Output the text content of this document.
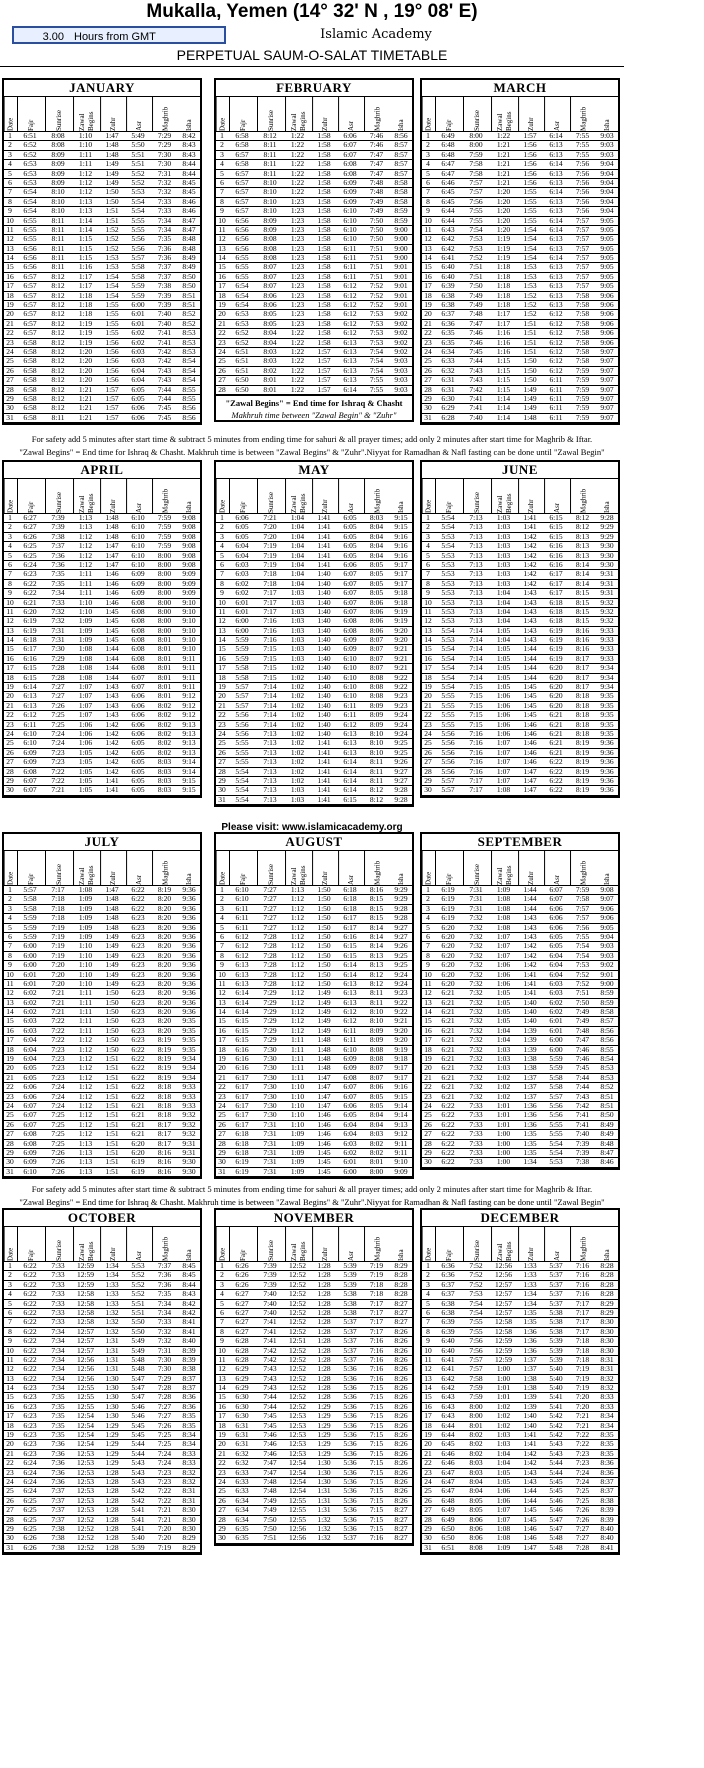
Mukalla, Yemen (14° 32' N , 19° 08' E)
3.00 Hours from GMT	Islamic Academy
PERPETUAL SAUM-O-SALAT TIMETABLE
JANUARY
Date	Fajr	Sunrise	Zawal Begins	Zuhr	Asr	Maghrib	Isha
1	6:51	8:08	1:10	1:47	5:49	7:29	8:42
2	6:52	8:08	1:10	1:48	5:50	7:29	8:43
3	6:52	8:09	1:11	1:48	5:51	7:30	8:43
4	6:53	8:09	1:11	1:49	5:51	7:30	8:44
5	6:53	8:09	1:12	1:49	5:52	7:31	8:44
6	6:53	8:09	1:12	1:49	5:52	7:32	8:45
7	6:54	8:10	1:12	1:50	5:53	7:32	8:45
8	6:54	8:10	1:13	1:50	5:54	7:33	8:46
9	6:54	8:10	1:13	1:51	5:54	7:33	8:46
10	6:55	8:11	1:14	1:51	5:55	7:34	8:47
11	6:55	8:11	1:14	1:52	5:55	7:34	8:47
12	6:55	8:11	1:15	1:52	5:56	7:35	8:48
13	6:56	8:11	1:15	1:52	5:56	7:36	8:48
14	6:56	8:11	1:15	1:53	5:57	7:36	8:49
15	6:56	8:11	1:16	1:53	5:58	7:37	8:49
16	6:57	8:12	1:17	1:54	5:58	7:37	8:50
17	6:57	8:12	1:17	1:54	5:59	7:38	8:50
18	6:57	8:12	1:18	1:54	5:59	7:39	8:51
19	6:57	8:12	1:18	1:55	6:00	7:39	8:51
20	6:57	8:12	1:18	1:55	6:01	7:40	8:52
21	6:57	8:12	1:19	1:55	6:01	7:40	8:52
22	6:57	8:12	1:19	1:55	6:02	7:41	8:53
23	6:58	8:12	1:19	1:56	6:02	7:41	8:53
24	6:58	8:12	1:20	1:56	6:03	7:42	8:53
25	6:58	8:12	1:20	1:56	6:03	7:42	8:54
26	6:58	8:12	1:20	1:56	6:04	7:43	8:54
27	6:58	8:12	1:20	1:56	6:04	7:43	8:54
28	6:58	8:12	1:21	1:57	6:05	7:44	8:55
29	6:58	8:12	1:21	1:57	6:05	7:44	8:55
30	6:58	8:12	1:21	1:57	6:06	7:45	8:56
31	6:58	8:11	1:21	1:57	6:06	7:45	8:56
FEBRUARY
Date	Fajr	Sunrise	Zawal Begins	Zuhr	Asr	Maghrib	Isha
1	6:58	8:12	1:22	1:58	6:06	7:46	8:56
2	6:58	8:11	1:22	1:58	6:07	7:46	8:57
3	6:57	8:11	1:22	1:58	6:07	7:47	8:57
4	6:58	8:11	1:22	1:58	6:08	7:47	8:57
5	6:57	8:11	1:22	1:58	6:08	7:47	8:57
6	6:57	8:10	1:22	1:58	6:09	7:48	8:58
7	6:57	8:10	1:22	1:58	6:09	7:48	8:58
8	6:57	8:10	1:23	1:58	6:09	7:49	8:58
9	6:57	8:10	1:23	1:58	6:10	7:49	8:59
10	6:56	8:09	1:23	1:58	6:10	7:50	8:59
11	6:56	8:09	1:23	1:58	6:10	7:50	9:00
12	6:56	8:08	1:23	1:58	6:10	7:50	9:00
13	6:56	8:08	1:23	1:58	6:11	7:51	9:00
14	6:55	8:08	1:23	1:58	6:11	7:51	9:00
15	6:55	8:07	1:23	1:58	6:11	7:51	9:01
16	6:55	8:07	1:23	1:58	6:11	7:51	9:01
17	6:54	8:07	1:23	1:58	6:12	7:52	9:01
18	6:54	8:06	1:23	1:58	6:12	7:52	9:01
19	6:54	8:06	1:23	1:58	6:12	7:52	9:01
20	6:53	8:05	1:23	1:58	6:12	7:53	9:02
21	6:53	8:05	1:23	1:58	6:12	7:53	9:02
22	6:52	8:04	1:22	1:58	6:12	7:53	9:02
23	6:52	8:04	1:22	1:58	6:13	7:53	9:02
24	6:51	8:03	1:22	1:57	6:13	7:54	9:02
25	6:51	8:03	1:22	1:57	6:13	7:54	9:03
26	6:51	8:02	1:22	1:57	6:13	7:54	9:03
27	6:50	8:01	1:22	1:57	6:13	7:55	9:03
28	6:50	8:01	1:22	1:57	6:14	7:55	9:03
"Zawal Begins" = End time for Ishraq & Chasht
Makhruh time between "Zawal Begin" & "Zuhr"
MARCH
Date	Fajr	Sunrise	Zawal Begins	Zuhr	Asr	Maghrib	Isha
1	6:49	8:00	1:22	1:57	6:14	7:55	9:03
2	6:48	8:00	1:21	1:56	6:13	7:55	9:03
3	6:48	7:59	1:21	1:56	6:13	7:55	9:03
4	6:47	7:58	1:21	1:56	6:14	7:56	9:04
5	6:47	7:58	1:21	1:56	6:13	7:56	9:04
6	6:46	7:57	1:21	1:56	6:13	7:56	9:04
7	6:45	7:57	1:20	1:55	6:14	7:56	9:04
8	6:45	7:56	1:20	1:55	6:13	7:56	9:04
9	6:44	7:55	1:20	1:55	6:13	7:56	9:04
10	6:44	7:55	1:20	1:55	6:14	7:57	9:05
11	6:43	7:54	1:20	1:54	6:14	7:57	9:05
12	6:42	7:53	1:19	1:54	6:13	7:57	9:05
13	6:42	7:53	1:19	1:54	6:13	7:57	9:05
14	6:41	7:52	1:19	1:54	6:14	7:57	9:05
15	6:40	7:51	1:18	1:53	6:13	7:57	9:05
16	6:40	7:51	1:18	1:53	6:13	7:57	9:05
17	6:39	7:50	1:18	1:53	6:13	7:57	9:05
18	6:38	7:49	1:18	1:52	6:13	7:58	9:06
19	6:38	7:49	1:18	1:52	6:13	7:58	9:06
20	6:37	7:48	1:17	1:52	6:12	7:58	9:06
21	6:36	7:47	1:17	1:51	6:12	7:58	9:06
22	6:35	7:46	1:16	1:51	6:12	7:58	9:06
23	6:35	7:46	1:16	1:51	6:12	7:58	9:06
24	6:34	7:45	1:16	1:51	6:12	7:58	9:07
25	6:33	7:44	1:15	1:50	6:12	7:58	9:07
26	6:32	7:43	1:15	1:50	6:12	7:59	9:07
27	6:31	7:43	1:15	1:50	6:11	7:59	9:07
28	6:31	7:42	1:15	1:49	6:11	7:59	9:07
29	6:30	7:41	1:14	1:49	6:11	7:59	9:07
30	6:29	7:41	1:14	1:49	6:11	7:59	9:07
31	6:28	7:40	1:14	1:48	6:11	7:59	9:07
APRIL
Date	Fajr	Sunrise	Zawal Begins	Zuhr	Asr	Maghrib	Isha
1	6:27	7:39	1:13	1:48	6:10	7:59	9:08
2	6:27	7:39	1:13	1:48	6:10	7:59	9:08
3	6:26	7:38	1:12	1:48	6:10	7:59	9:08
4	6:25	7:37	1:12	1:47	6:10	7:59	9:08
5	6:25	7:36	1:12	1:47	6:10	8:00	9:08
6	6:24	7:36	1:12	1:47	6:10	8:00	9:08
7	6:23	7:35	1:11	1:46	6:09	8:00	9:09
8	6:22	7:35	1:11	1:46	6:09	8:00	9:09
9	6:22	7:34	1:11	1:46	6:09	8:00	9:09
10	6:21	7:33	1:10	1:46	6:08	8:00	9:10
11	6:20	7:32	1:10	1:45	6:08	8:00	9:10
12	6:19	7:32	1:09	1:45	6:08	8:00	9:10
13	6:19	7:31	1:09	1:45	6:08	8:00	9:10
14	6:18	7:31	1:09	1:45	6:08	8:01	9:10
15	6:17	7:30	1:08	1:44	6:08	8:01	9:10
16	6:16	7:29	1:08	1:44	6:08	8:01	9:11
17	6:15	7:28	1:08	1:44	6:08	8:01	9:11
18	6:15	7:28	1:08	1:44	6:07	8:01	9:11
19	6:14	7:27	1:07	1:43	6:07	8:01	9:11
20	6:13	7:27	1:07	1:43	6:06	8:01	9:12
21	6:13	7:26	1:07	1:43	6:06	8:02	9:12
22	6:12	7:25	1:07	1:43	6:06	8:02	9:12
23	6:11	7:25	1:06	1:42	6:06	8:02	9:13
24	6:10	7:24	1:06	1:42	6:06	8:02	9:13
25	6:10	7:24	1:06	1:42	6:05	8:02	9:13
26	6:09	7:23	1:05	1:42	6:05	8:02	9:13
27	6:09	7:23	1:05	1:42	6:05	8:03	9:14
28	6:08	7:22	1:05	1:42	6:05	8:03	9:14
29	6:07	7:22	1:05	1:41	6:05	8:03	9:15
30	6:07	7:21	1:05	1:41	6:05	8:03	9:15
MAY
Date	Fajr	Sunrise	Zawal Begins	Zuhr	Asr	Maghrib	Isha
1	6:06	7:21	1:04	1:41	6:05	8:03	9:15
2	6:05	7:20	1:04	1:41	6:05	8:04	9:15
3	6:05	7:20	1:04	1:41	6:05	8:04	9:16
4	6:04	7:19	1:04	1:41	6:05	8:04	9:16
5	6:04	7:19	1:04	1:41	6:05	8:04	9:16
6	6:03	7:19	1:04	1:41	6:06	8:05	9:17
7	6:03	7:18	1:04	1:40	6:07	8:05	9:17
8	6:02	7:18	1:04	1:40	6:07	8:05	9:17
9	6:02	7:17	1:03	1:40	6:07	8:05	9:18
10	6:01	7:17	1:03	1:40	6:07	8:06	9:18
11	6:01	7:17	1:03	1:40	6:07	8:06	9:19
12	6:00	7:16	1:03	1:40	6:08	8:06	9:19
13	6:00	7:16	1:03	1:40	6:08	8:06	9:20
14	5:59	7:16	1:03	1:40	6:09	8:07	9:20
15	5:59	7:15	1:03	1:40	6:09	8:07	9:21
16	5:59	7:15	1:03	1:40	6:10	8:07	9:21
17	5:58	7:15	1:02	1:40	6:10	8:07	9:21
18	5:58	7:15	1:02	1:40	6:10	8:08	9:22
19	5:57	7:14	1:02	1:40	6:10	8:08	9:22
20	5:57	7:14	1:02	1:40	6:10	8:08	9:23
21	5:57	7:14	1:02	1:40	6:11	8:09	9:23
22	5:56	7:14	1:02	1:40	6:11	8:09	9:24
23	5:56	7:14	1:02	1:40	6:12	8:09	9:24
24	5:56	7:13	1:02	1:40	6:13	8:10	9:24
25	5:55	7:13	1:02	1:41	6:13	8:10	9:25
26	5:55	7:13	1:02	1:41	6:13	8:10	9:25
27	5:55	7:13	1:02	1:41	6:14	8:11	9:26
28	5:54	7:13	1:02	1:41	6:14	8:11	9:27
29	5:54	7:13	1:02	1:41	6:14	8:11	9:27
30	5:54	7:13	1:03	1:41	6:14	8:12	9:28
31	5:54	7:13	1:03	1:41	6:15	8:12	9:28
JUNE
Date	Fajr	Sunrise	Zawal Begins	Zuhr	Asr	Maghrib	Isha
1	5:54	7:13	1:03	1:41	6:15	8:12	9:28
2	5:54	7:13	1:03	1:41	6:15	8:12	9:29
3	5:53	7:13	1:03	1:42	6:15	8:13	9:29
4	5:54	7:13	1:03	1:42	6:16	8:13	9:30
5	5:53	7:13	1:03	1:42	6:16	8:13	9:30
6	5:53	7:13	1:03	1:42	6:16	8:14	9:30
7	5:53	7:13	1:03	1:42	6:17	8:14	9:31
8	5:53	7:13	1:03	1:42	6:17	8:14	9:31
9	5:53	7:13	1:04	1:43	6:17	8:15	9:31
10	5:53	7:13	1:04	1:43	6:18	8:15	9:32
11	5:53	7:13	1:04	1:43	6:18	8:15	9:32
12	5:53	7:13	1:04	1:43	6:18	8:15	9:32
13	5:54	7:14	1:05	1:43	6:19	8:16	9:33
14	5:53	7:14	1:04	1:43	6:19	8:16	9:33
15	5:54	7:14	1:05	1:44	6:19	8:16	9:33
16	5:54	7:14	1:05	1:44	6:19	8:17	9:33
17	5:54	7:14	1:05	1:44	6:20	8:17	9:34
18	5:54	7:14	1:05	1:44	6:20	8:17	9:34
19	5:54	7:15	1:05	1:45	6:20	8:17	9:34
20	5:55	7:15	1:06	1:45	6:20	8:18	9:35
21	5:55	7:15	1:06	1:45	6:20	8:18	9:35
22	5:55	7:15	1:06	1:45	6:21	8:18	9:35
23	5:55	7:15	1:06	1:46	6:21	8:18	9:35
24	5:56	7:16	1:06	1:46	6:21	8:18	9:35
25	5:56	7:16	1:07	1:46	6:21	8:19	9:36
26	5:56	7:16	1:07	1:46	6:21	8:19	9:36
27	5:56	7:16	1:07	1:46	6:22	8:19	9:36
28	5:56	7:16	1:07	1:47	6:22	8:19	9:36
29	5:57	7:17	1:07	1:47	6:22	8:19	9:36
30	5:57	7:17	1:08	1:47	6:22	8:19	9:36
JULY
Date	Fajr	Sunrise	Zawal Begins	Zuhr	Asr	Maghrib	Isha
1	5:57	7:17	1:08	1:47	6:22	8:19	9:36
2	5:58	7:18	1:09	1:48	6:22	8:20	9:36
3	5:58	7:18	1:09	1:48	6:22	8:20	9:36
4	5:59	7:18	1:09	1:48	6:23	8:20	9:36
5	5:59	7:19	1:09	1:48	6:23	8:20	9:36
6	5:59	7:19	1:09	1:49	6:23	8:20	9:36
7	6:00	7:19	1:10	1:49	6:23	8:20	9:36
8	6:00	7:19	1:10	1:49	6:23	8:20	9:36
9	6:00	7:20	1:10	1:49	6:23	8:20	9:36
10	6:01	7:20	1:10	1:49	6:23	8:20	9:36
11	6:01	7:20	1:10	1:49	6:23	8:20	9:36
12	6:02	7:21	1:11	1:50	6:23	8:20	9:36
13	6:02	7:21	1:11	1:50	6:23	8:20	9:36
14	6:02	7:21	1:11	1:50	6:23	8:20	9:36
15	6:03	7:22	1:11	1:50	6:23	8:20	9:35
16	6:03	7:22	1:11	1:50	6:23	8:20	9:35
17	6:04	7:22	1:12	1:50	6:23	8:19	9:35
18	6:04	7:23	1:12	1:50	6:22	8:19	9:35
19	6:04	7:23	1:12	1:51	6:22	8:19	9:34
20	6:05	7:23	1:12	1:51	6:22	8:19	9:34
21	6:05	7:23	1:12	1:51	6:22	8:19	9:34
22	6:06	7:24	1:12	1:51	6:22	8:18	9:33
23	6:06	7:24	1:12	1:51	6:22	8:18	9:33
24	6:07	7:24	1:12	1:51	6:21	8:18	9:33
25	6:07	7:25	1:12	1:51	6:21	8:18	9:32
26	6:07	7:25	1:12	1:51	6:21	8:17	9:32
27	6:08	7:25	1:12	1:51	6:21	8:17	9:32
28	6:08	7:25	1:13	1:51	6:20	8:17	9:31
29	6:09	7:26	1:13	1:51	6:20	8:16	9:31
30	6:09	7:26	1:13	1:51	6:19	8:16	9:30
31	6:10	7:26	1:13	1:51	6:19	8:16	9:30
AUGUST
Date	Fajr	Sunrise	Zawal Begins	Zuhr	Asr	Maghrib	Isha
1	6:10	7:27	1:13	1:50	6:18	8:16	9:29
2	6:10	7:27	1:12	1:50	6:18	8:15	9:29
3	6:11	7:27	1:12	1:50	6:18	8:15	9:28
4	6:11	7:27	1:12	1:50	6:17	8:15	9:28
5	6:11	7:27	1:12	1:50	6:17	8:14	9:27
6	6:12	7:28	1:12	1:50	6:16	8:14	9:27
7	6:12	7:28	1:12	1:50	6:15	8:14	9:26
8	6:12	7:28	1:12	1:50	6:15	8:13	9:25
9	6:13	7:28	1:12	1:50	6:14	8:13	9:25
10	6:13	7:28	1:12	1:50	6:14	8:12	9:24
11	6:13	7:28	1:12	1:50	6:13	8:12	9:24
12	6:14	7:29	1:12	1:49	6:13	8:11	9:23
13	6:14	7:29	1:12	1:49	6:13	8:11	9:22
14	6:14	7:29	1:12	1:49	6:12	8:10	9:22
15	6:15	7:29	1:12	1:49	6:12	8:10	9:21
16	6:15	7:29	1:12	1:49	6:11	8:09	9:20
17	6:15	7:29	1:11	1:48	6:11	8:09	9:20
18	6:16	7:30	1:11	1:48	6:10	8:08	9:19
19	6:16	7:30	1:11	1:48	6:09	8:08	9:18
20	6:16	7:30	1:11	1:48	6:09	8:07	9:17
21	6:17	7:30	1:11	1:47	6:08	8:07	9:17
22	6:17	7:30	1:10	1:47	6:07	8:06	9:16
23	6:17	7:30	1:10	1:47	6:07	8:05	9:15
24	6:17	7:30	1:10	1:47	6:06	8:05	9:14
25	6:17	7:30	1:10	1:46	6:05	8:04	9:14
26	6:17	7:31	1:10	1:46	6:04	8:04	9:13
27	6:18	7:31	1:09	1:46	6:04	8:03	9:12
28	6:18	7:31	1:09	1:46	6:03	8:02	9:11
29	6:18	7:31	1:09	1:45	6:02	8:02	9:11
30	6:19	7:31	1:09	1:45	6:01	8:01	9:10
31	6:19	7:31	1:09	1:45	6:00	8:00	9:09
SEPTEMBER
Date	Fajr	Sunrise	Zawal Begins	Zuhr	Asr	Maghrib	Isha
1	6:19	7:31	1:09	1:44	6:07	7:59	9:08
2	6:19	7:31	1:08	1:44	6:07	7:58	9:07
3	6:19	7:31	1:08	1:44	6:06	7:57	9:06
4	6:19	7:32	1:08	1:43	6:06	7:57	9:06
5	6:20	7:32	1:08	1:43	6:06	7:56	9:05
6	6:20	7:32	1:07	1:43	6:05	7:55	9:04
7	6:20	7:32	1:07	1:42	6:05	7:54	9:03
8	6:20	7:32	1:07	1:42	6:04	7:54	9:03
9	6:20	7:32	1:06	1:42	6:04	7:53	9:02
10	6:20	7:32	1:06	1:41	6:04	7:52	9:01
11	6:20	7:32	1:06	1:41	6:03	7:52	9:00
12	6:21	7:32	1:05	1:41	6:03	7:51	8:59
13	6:21	7:32	1:05	1:40	6:02	7:50	8:59
14	6:21	7:32	1:05	1:40	6:02	7:49	8:58
15	6:21	7:32	1:05	1:40	6:01	7:49	8:57
16	6:21	7:32	1:04	1:39	6:01	7:48	8:56
17	6:21	7:32	1:04	1:39	6:00	7:47	8:56
18	6:21	7:32	1:03	1:39	6:00	7:46	8:55
19	6:21	7:32	1:03	1:38	5:59	7:46	8:54
20	6:21	7:32	1:03	1:38	5:59	7:45	8:53
21	6:21	7:32	1:02	1:37	5:58	7:44	8:53
22	6:21	7:32	1:02	1:37	5:58	7:44	8:52
23	6:21	7:32	1:02	1:37	5:57	7:43	8:51
24	6:22	7:33	1:01	1:36	5:56	7:42	8:51
25	6:22	7:33	1:01	1:36	5:56	7:41	8:50
26	6:22	7:33	1:01	1:36	5:55	7:41	8:49
27	6:22	7:33	1:00	1:35	5:55	7:40	8:49
28	6:22	7:33	1:00	1:35	5:54	7:39	8:48
29	6:22	7:33	1:00	1:35	5:54	7:39	8:47
30	6:22	7:33	1:00	1:34	5:53	7:38	8:46
OCTOBER
Date	Fajr	Sunrise	Zawal Begins	Zuhr	Asr	Maghrib	Isha
1	6:22	7:33	12:59	1:34	5:53	7:37	8:45
2	6:22	7:33	12:59	1:34	5:52	7:36	8:45
3	6:22	7:33	12:59	1:33	5:52	7:36	8:44
4	6:22	7:33	12:58	1:33	5:52	7:35	8:43
5	6:22	7:33	12:58	1:33	5:51	7:34	8:42
6	6:22	7:33	12:58	1:32	5:51	7:34	8:42
7	6:22	7:33	12:58	1:32	5:50	7:33	8:41
8	6:22	7:34	12:57	1:32	5:50	7:32	8:41
9	6:22	7:34	12:57	1:31	5:49	7:32	8:40
10	6:22	7:34	12:57	1:31	5:49	7:31	8:39
11	6:22	7:34	12:56	1:31	5:48	7:30	8:39
12	6:22	7:34	12:56	1:31	5:48	7:30	8:38
13	6:22	7:34	12:56	1:30	5:47	7:29	8:37
14	6:23	7:34	12:55	1:30	5:47	7:28	8:37
15	6:23	7:35	12:55	1:30	5:47	7:28	8:36
16	6:23	7:35	12:55	1:30	5:46	7:27	8:36
17	6:23	7:35	12:54	1:30	5:46	7:27	8:35
18	6:23	7:35	12:54	1:29	5:45	7:26	8:35
19	6:23	7:35	12:54	1:29	5:45	7:25	8:34
20	6:23	7:36	12:54	1:29	5:44	7:25	8:34
21	6:23	7:36	12:53	1:29	5:44	7:24	8:33
22	6:24	7:36	12:53	1:29	5:43	7:24	8:33
23	6:24	7:36	12:53	1:28	5:43	7:23	8:32
24	6:24	7:36	12:53	1:28	5:43	7:23	8:32
25	6:24	7:37	12:53	1:28	5:42	7:22	8:31
26	6:25	7:37	12:53	1:28	5:42	7:22	8:31
27	6:25	7:37	12:53	1:28	5:41	7:21	8:30
28	6:25	7:37	12:52	1:28	5:41	7:21	8:30
29	6:25	7:38	12:52	1:28	5:41	7:20	8:30
30	6:26	7:38	12:52	1:28	5:40	7:20	8:29
31	6:26	7:38	12:52	1:28	5:39	7:19	8:29
NOVEMBER
Date	Fajr	Sunrise	Zawal Begins	Zuhr	Asr	Maghrib	Isha
1	6:26	7:39	12:52	1:28	5:39	7:19	8:29
2	6:26	7:39	12:52	1:28	5:39	7:19	8:28
3	6:26	7:39	12:52	1:28	5:39	7:18	8:28
4	6:27	7:40	12:52	1:28	5:38	7:18	8:28
5	6:27	7:40	12:52	1:28	5:38	7:17	8:27
6	6:27	7:40	12:52	1:28	5:38	7:17	8:27
7	6:27	7:41	12:52	1:28	5:37	7:17	8:27
8	6:27	7:41	12:52	1:28	5:37	7:17	8:26
9	6:28	7:41	12:51	1:28	5:37	7:16	8:26
10	6:28	7:42	12:52	1:28	5:37	7:16	8:26
11	6:28	7:42	12:52	1:28	5:37	7:16	8:26
12	6:29	7:43	12:52	1:28	5:36	7:16	8:26
13	6:29	7:43	12:52	1:28	5:36	7:16	8:26
14	6:29	7:43	12:52	1:28	5:36	7:15	8:26
15	6:30	7:44	12:52	1:28	5:36	7:15	8:26
16	6:30	7:44	12:52	1:29	5:36	7:15	8:26
17	6:30	7:45	12:53	1:29	5:36	7:15	8:26
18	6:31	7:45	12:53	1:29	5:36	7:15	8:26
19	6:31	7:46	12:53	1:29	5:36	7:15	8:26
20	6:31	7:46	12:53	1:29	5:36	7:15	8:26
21	6:32	7:46	12:53	1:29	5:36	7:15	8:26
22	6:32	7:47	12:54	1:30	5:36	7:15	8:26
23	6:33	7:47	12:54	1:30	5:36	7:15	8:26
24	6:33	7:48	12:54	1:30	5:36	7:15	8:26
25	6:33	7:48	12:54	1:31	5:36	7:15	8:26
26	6:34	7:49	12:55	1:31	5:36	7:15	8:26
27	6:34	7:49	12:55	1:31	5:36	7:15	8:27
28	6:34	7:50	12:55	1:32	5:36	7:15	8:27
29	6:35	7:50	12:56	1:32	5:36	7:15	8:27
30	6:35	7:51	12:56	1:32	5:37	7:16	8:27
DECEMBER
Date	Fajr	Sunrise	Zawal Begins	Zuhr	Asr	Maghrib	Isha
1	6:36	7:52	12:56	1:33	5:37	7:16	8:28
2	6:36	7:52	12:56	1:33	5:37	7:16	8:28
3	6:37	7:52	12:57	1:33	5:37	7:16	8:28
4	6:37	7:53	12:57	1:34	5:37	7:16	8:28
5	6:38	7:54	12:57	1:34	5:37	7:17	8:29
6	6:38	7:54	12:57	1:35	5:38	7:17	8:29
7	6:39	7:55	12:58	1:35	5:38	7:17	8:30
8	6:39	7:55	12:58	1:36	5:38	7:17	8:30
9	6:40	7:56	12:59	1:36	5:39	7:18	8:30
10	6:40	7:56	12:59	1:36	5:39	7:18	8:30
11	6:41	7:57	12:59	1:37	5:39	7:18	8:31
12	6:41	7:57	1:00	1:37	5:40	7:19	8:31
13	6:42	7:58	1:00	1:38	5:40	7:19	8:32
14	6:42	7:59	1:01	1:38	5:40	7:19	8:32
15	6:43	7:59	1:01	1:39	5:41	7:20	8:33
16	6:43	8:00	1:02	1:39	5:41	7:20	8:33
17	6:43	8:00	1:02	1:40	5:42	7:21	8:34
18	6:44	8:01	1:02	1:40	5:42	7:21	8:34
19	6:44	8:02	1:03	1:41	5:42	7:22	8:35
20	6:45	8:02	1:03	1:41	5:43	7:22	8:35
21	6:46	8:02	1:04	1:42	5:43	7:23	8:35
22	6:46	8:03	1:04	1:42	5:44	7:23	8:36
23	6:47	8:03	1:05	1:43	5:44	7:24	8:36
24	6:47	8:04	1:05	1:43	5:45	7:24	8:37
25	6:47	8:04	1:06	1:44	5:45	7:25	8:37
26	6:48	8:05	1:06	1:44	5:46	7:25	8:38
27	6:49	8:05	1:07	1:45	5:46	7:26	8:39
28	6:49	8:06	1:07	1:45	5:47	7:26	8:39
29	6:50	8:06	1:08	1:46	5:47	7:27	8:40
30	6:50	8:06	1:08	1:46	5:48	7:27	8:40
31	6:51	8:08	1:09	1:47	5:48	7:28	8:41
For safety add 5 minutes after start time & subtract 5 minutes from ending time for sahuri & all prayer times; add only 2 minutes after start time for Maghrib & Iftar.
"Zawal Begins" = End time for Ishraq & Chasht. Makhruh time is between "Zawal Begins" & "Zuhr".Niyyat for Ramadhan & Nafl fasting can be done until "Zawal Begin"
Please visit: www.islamicacademy.org
For safety add 5 minutes after start time & subtract 5 minutes from ending time for sahuri & all prayer times; add only 2 minutes after start time for Maghrib & Iftar.
"Zawal Begins" = End time for Ishraq & Chasht. Makhruh time is between "Zawal Begins" & "Zuhr".Niyyat for Ramadhan & Nafl fasting can be done until "Zawal Begin"
